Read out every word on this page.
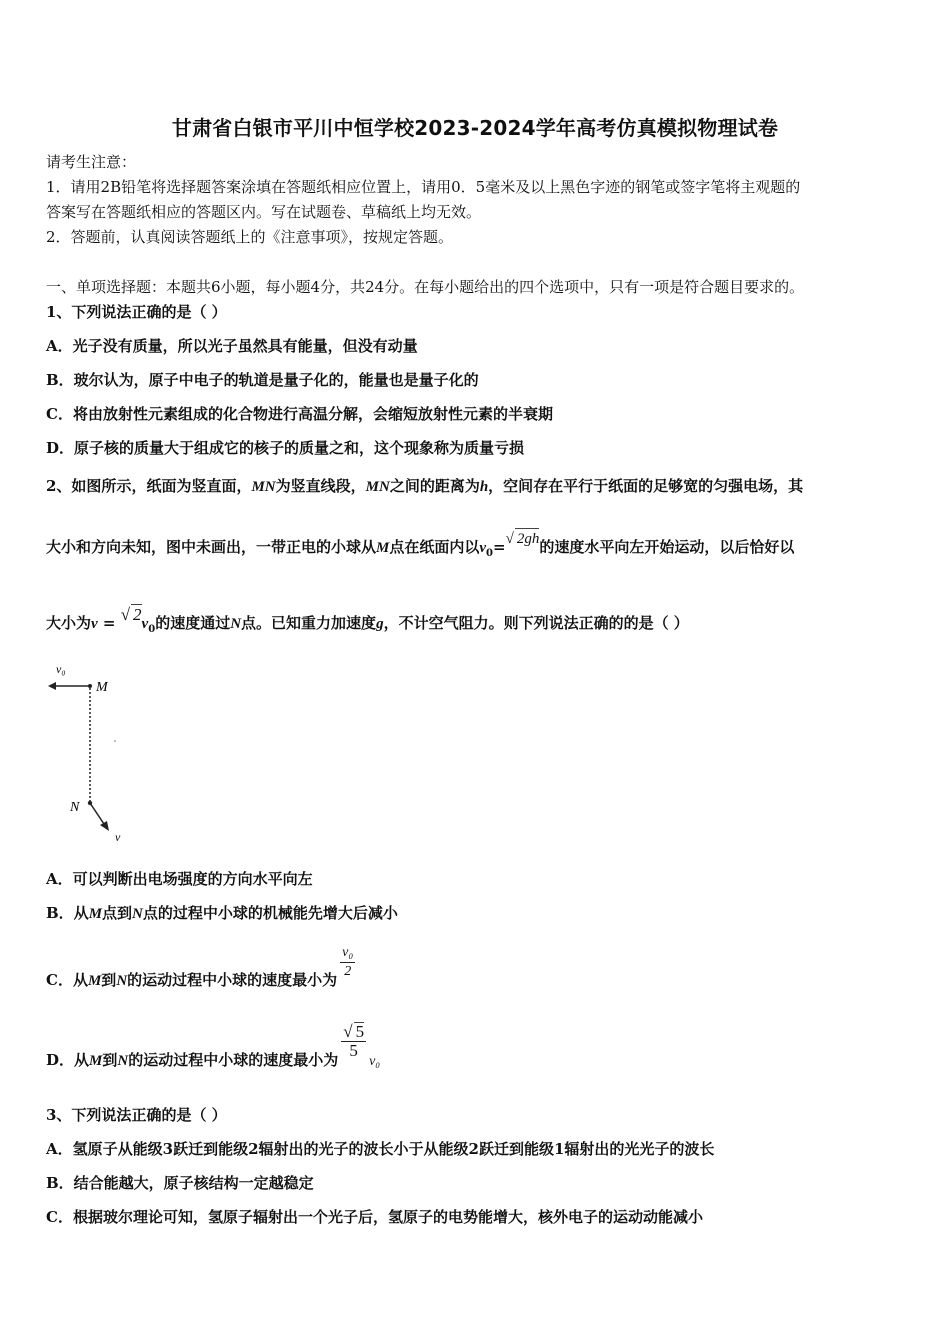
甘肃省白银市平川中恒学校2023-2024学年高考仿真模拟物理试卷
请考生注意：
1．请用2B铅笔将选择题答案涂填在答题纸相应位置上，请用0．5毫米及以上黑色字迹的钢笔或签字笔将主观题的
答案写在答题纸相应的答题区内。写在试题卷、草稿纸上均无效。
2．答题前，认真阅读答题纸上的《注意事项》，按规定答题。
一、单项选择题：本题共6小题，每小题4分，共24分。在每小题给出的四个选项中，只有一项是符合题目要求的。
1、下列说法正确的是（ ）
A．光子没有质量，所以光子虽然具有能量，但没有动量
B．玻尔认为，原子中电子的轨道是量子化的，能量也是量子化的
C．将由放射性元素组成的化合物进行高温分解，会缩短放射性元素的半衰期
D．原子核的质量大于组成它的核子的质量之和，这个现象称为质量亏损
2、如图所示，纸面为竖直面，MN为竖直线段，MN之间的距离为h，空间存在平行于纸面的足够宽的匀强电场，其
大小和方向未知，图中未画出，一带正电的小球从M点在纸面内以$v_0=√$ 2gh的速度水平向左开始运动，以后恰好以
大小为v = √ $2v_0$的速度通过N点。已知重力加速度g，不计空气阻力。则下列说法正确的的是（ ）
v₀
M
N
v
A．可以判断出电场强度的方向水平向左
B．从M点到N点的过程中小球的机械能先增大后减小
C．从M到N的运动过程中小球的速度最小为 $\frac{\text{v₀}}{2}$
D．从M到N的运动过程中小球的速度最小为 $\frac{√ 5}{5}$
v₀
3、下列说法正确的是（ ）
A．氢原子从能级3跃迁到能级2辐射出的光子的波长小于从能级2跃迁到能级1辐射出的光光子的波长
B．结合能越大，原子核结构一定越稳定
C．根据玻尔理论可知，氢原子辐射出一个光子后，氢原子的电势能增大，核外电子的运动动能减小
